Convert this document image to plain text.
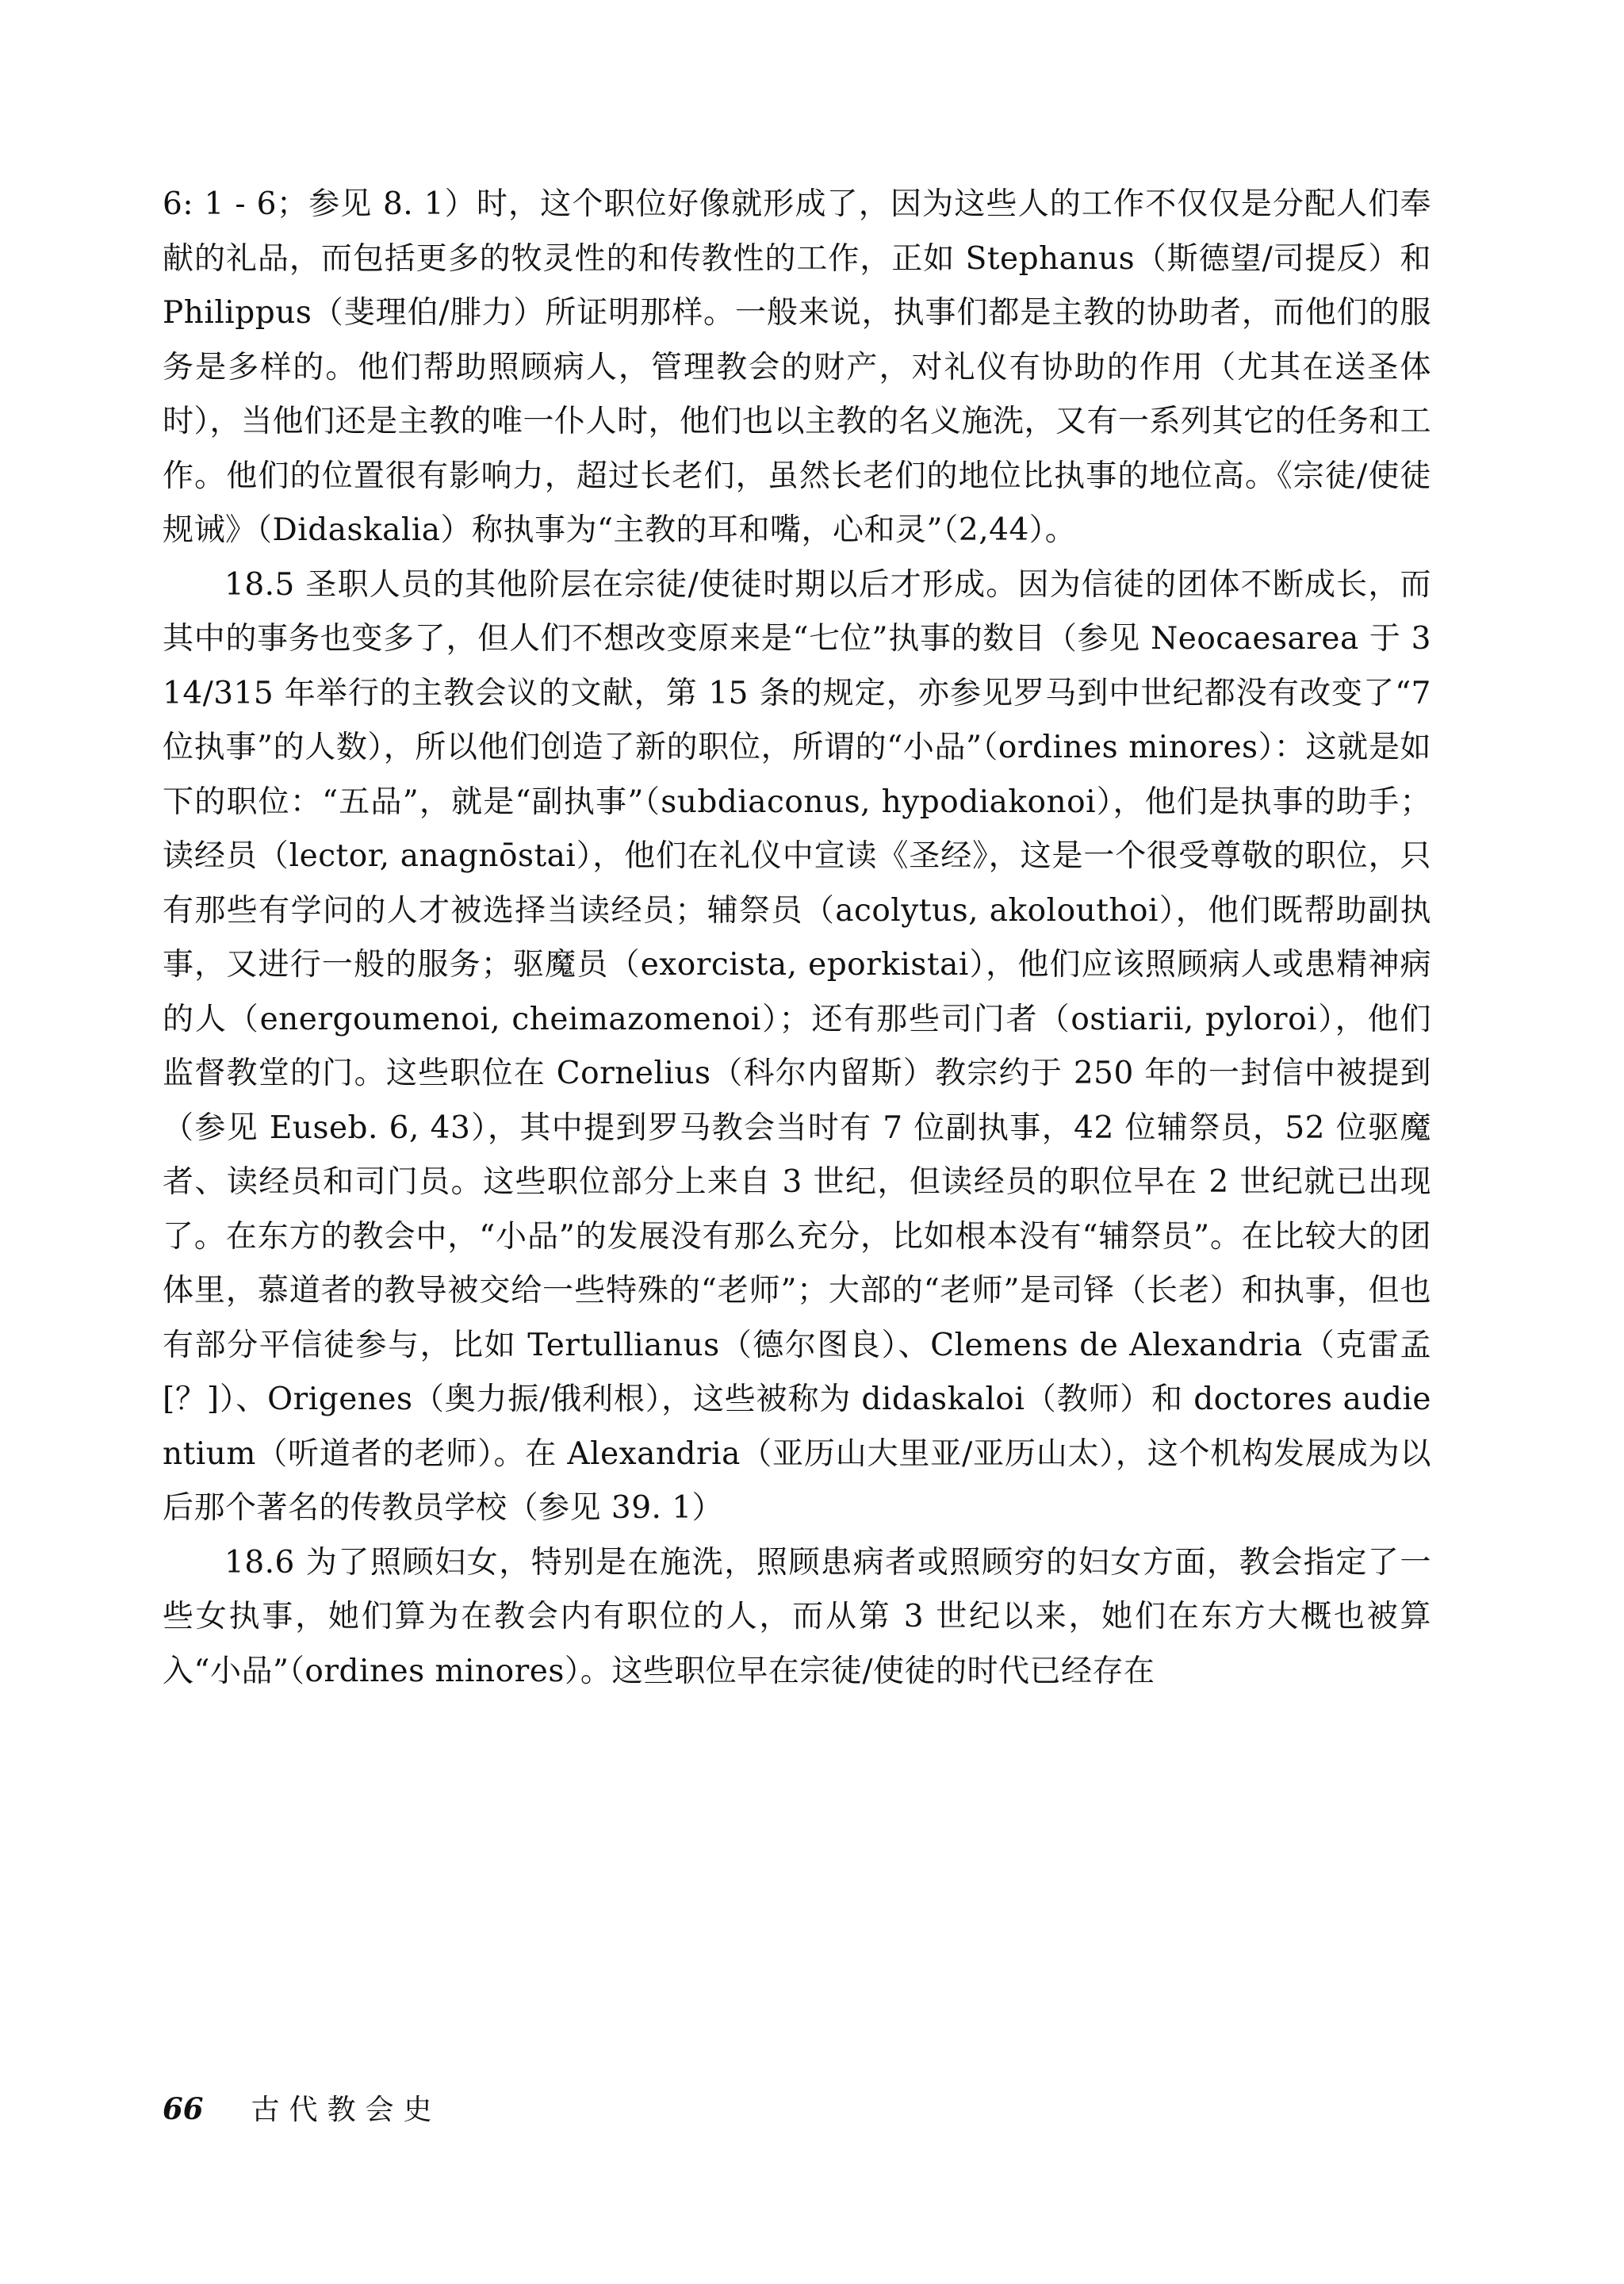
6: 1 - 6；参见 8. 1）时，这个职位好像就形成了，因为这些人的工作不仅仅是分配人们奉献的礼品，而包括更多的牧灵性的和传教性的工作，正如 Stephanus（斯德望/司提反）和 Philippus（斐理伯/腓力）所证明那样。一般来说，执事们都是主教的协助者，而他们的服务是多样的。他们帮助照顾病人，管理教会的财产，对礼仪有协助的作用（尤其在送圣体时），当他们还是主教的唯一仆人时，他们也以主教的名义施洗，又有一系列其它的任务和工作。他们的位置很有影响力，超过长老们，虽然长老们的地位比执事的地位高。《宗徒/使徒规诫》（Didaskalia）称执事为“主教的耳和嘴，心和灵”（2,44）。

18.5 圣职人员的其他阶层在宗徒/使徒时期以后才形成。因为信徒的团体不断成长，而其中的事务也变多了，但人们不想改变原来是“七位”执事的数目（参见 Neocaesarea 于 314/315 年举行的主教会议的文献，第 15 条的规定，亦参见罗马到中世纪都没有改变了“7 位执事”的人数），所以他们创造了新的职位，所谓的“小品”（ordines minores）：这就是如下的职位：“五品”，就是“副执事”（subdiaconus, hypodiakonoi），他们是执事的助手；读经员（lector, anagnōstai），他们在礼仪中宣读《圣经》，这是一个很受尊敬的职位，只有那些有学问的人才被选择当读经员；辅祭员（acolytus, akolouthoi），他们既帮助副执事，又进行一般的服务；驱魔员（exorcista, eporkistai），他们应该照顾病人或患精神病的人（energoumenoi, cheimazomenoi）；还有那些司门者（ostiarii, pyloroi），他们监督教堂的门。这些职位在 Cornelius（科尔内留斯）教宗约于 250 年的一封信中被提到（参见 Euseb. 6, 43），其中提到罗马教会当时有 7 位副执事，42 位辅祭员，52 位驱魔者、读经员和司门员。这些职位部分上来自 3 世纪，但读经员的职位早在 2 世纪就已出现了。在东方的教会中，“小品”的发展没有那么充分，比如根本没有“辅祭员”。在比较大的团体里，慕道者的教导被交给一些特殊的“老师”；大部的“老师”是司铎（长老）和执事，但也有部分平信徒参与，比如 Tertullianus（德尔图良）、Clemens de Alexandria（克雷孟[？]）、Origenes（奥力振/俄利根），这些被称为 didaskaloi（教师）和 doctores audientium（听道者的老师）。在 Alexandria（亚历山大里亚/亚历山太），这个机构发展成为以后那个著名的传教员学校（参见 39. 1）

18.6 为了照顾妇女，特别是在施洗，照顾患病者或照顾穷的妇女方面，教会指定了一些女执事，她们算为在教会内有职位的人，而从第 3 世纪以来，她们在东方大概也被算入“小品”（ordines minores）。这些职位早在宗徒/使徒的时代已经存在

66 古代教会史
